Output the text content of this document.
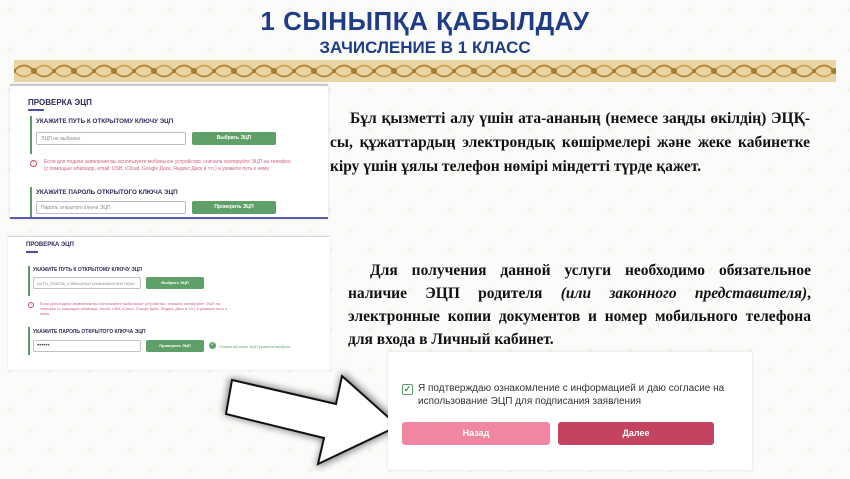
1 СЫНЫПҚА ҚАБЫЛДАУ
ЗАЧИСЛЕНИЕ В 1 КЛАСС
ПРОВЕРКА ЭЦП
УКАЖИТЕ ПУТЬ К ОТКРЫТОМУ КЛЮЧУ ЭЦП
ЭЦП не выбрано	Выбрать ЭЦП
!	Если для подачи заявления вы используете мобильное устройство, сначала скопируйте ЭЦП на телефон (с помощью whatsapp, email, USB, iCloud, Google Диск, Яндекс Диск и т.п.) и укажите путь к нему
УКАЖИТЕ ПАРОЛЬ ОТКРЫТОГО КЛЮЧА ЭЦП
Пароль открытого ключа ЭЦП	Проверить ЭЦП
ПРОВЕРКА ЭЦП
УКАЖИТЕ ПУТЬ К ОТКРЫТОМУ КЛЮЧУ ЭЦП
AUTH_RSA256_e3f9b4d1f0a7c2e8b6d5a9c3f1e7b2d4...	Выбрать ЭЦП
!	Если для подачи заявления вы используете мобильное устройство, сначала скопируйте ЭЦП на телефон (с помощью whatsapp, email, USB, iCloud, Google Диск, Яндекс Диск и т.п.) и укажите путь к нему
УКАЖИТЕ ПАРОЛЬ ОТКРЫТОГО КЛЮЧА ЭЦП
••••••	Проверить ЭЦП	✓	Открытый ключ ЭЦП успешно выбран
Бұл қызметті алу үшін ата-ананың (немесе заңды өкілдің) ЭЦҚ-сы, құжаттардың электрондық көшірмелері және жеке кабинетке кіру үшін ұялы телефон нөмірі міндетті түрде қажет.
Для получения данной услуги необходимо обязательное наличие ЭЦП родителя (или законного представителя), электронные копии документов и номер мобильного телефона для входа в Личный кабинет.
✓ Я подтверждаю ознакомление с информацией и даю согласие на использование ЭЦП для подписания заявления
Назад	Далее
